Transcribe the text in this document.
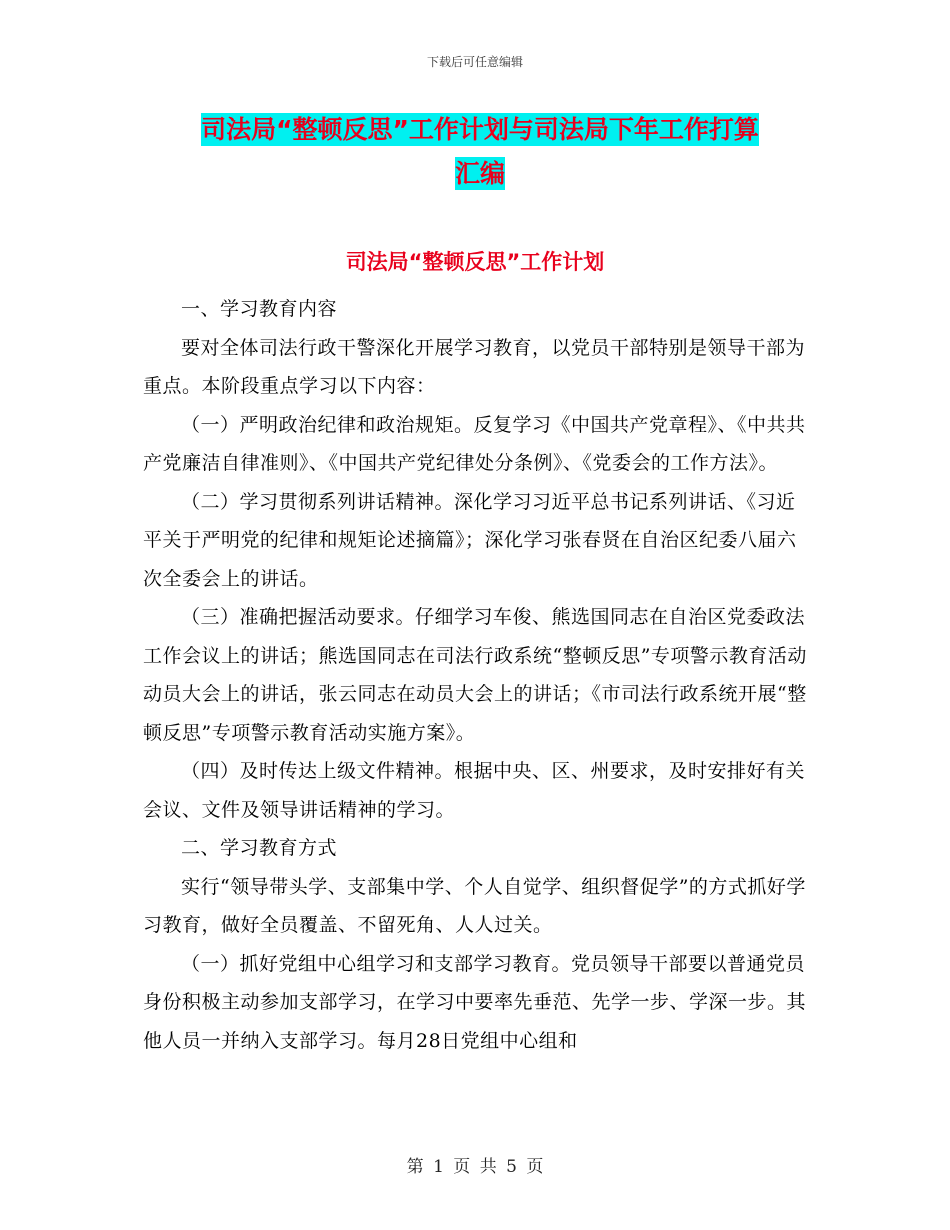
下载后可任意编辑
司法局“整顿反思”工作计划与司法局下年工作打算
汇编
司法局“整顿反思”工作计划

一、学习教育内容

要对全体司法行政干警深化开展学习教育，以党员干部特别是领导干部为重点。本阶段重点学习以下内容：

（一）严明政治纪律和政治规矩。反复学习《中国共产党章程》、《中共共产党廉洁自律准则》、《中国共产党纪律处分条例》、《党委会的工作方法》。

（二）学习贯彻系列讲话精神。深化学习习近平总书记系列讲话、《习近平关于严明党的纪律和规矩论述摘篇》；深化学习张春贤在自治区纪委八届六次全委会上的讲话。

（三）准确把握活动要求。仔细学习车俊、熊选国同志在自治区党委政法工作会议上的讲话；熊选国同志在司法行政系统“整顿反思”专项警示教育活动动员大会上的讲话，张云同志在动员大会上的讲话；《市司法行政系统开展“整顿反思”专项警示教育活动实施方案》。

（四）及时传达上级文件精神。根据中央、区、州要求，及时安排好有关会议、文件及领导讲话精神的学习。

二、学习教育方式

实行“领导带头学、支部集中学、个人自觉学、组织督促学”的方式抓好学习教育，做好全员覆盖、不留死角、人人过关。

（一）抓好党组中心组学习和支部学习教育。党员领导干部要以普通党员身份积极主动参加支部学习，在学习中要率先垂范、先学一步、学深一步。其他人员一并纳入支部学习。每月28日党组中心组和

第 1 页 共 5 页
